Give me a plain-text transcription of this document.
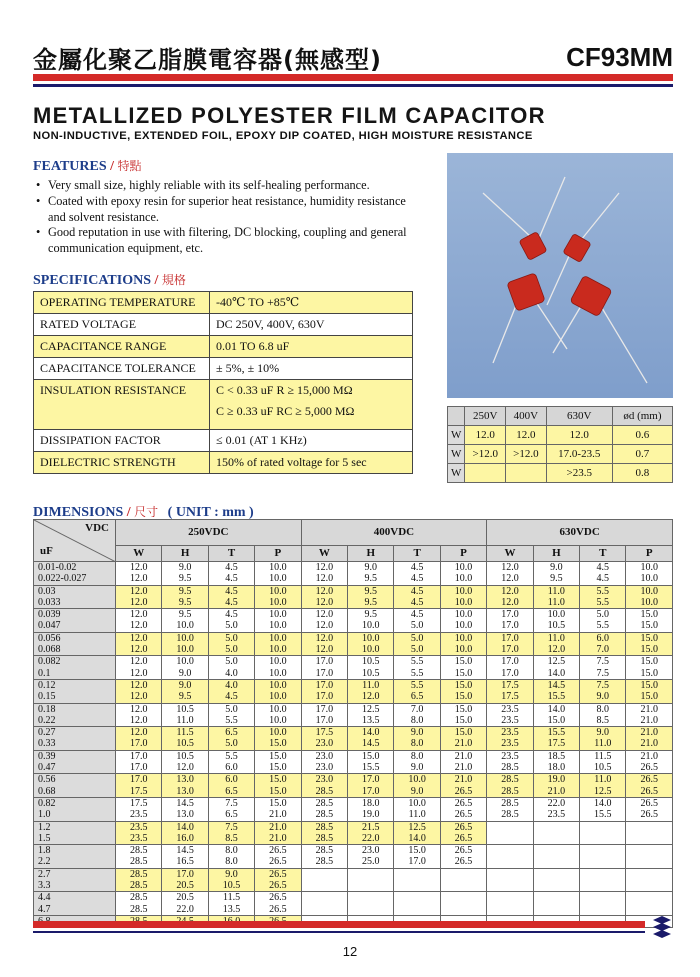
金屬化聚乙脂膜電容器(無感型)	CF93MM
METALLIZED POLYESTER FILM CAPACITOR
NON-INDUCTIVE, EXTENDED FOIL, EPOXY DIP COATED, HIGH MOISTURE RESISTANCE
FEATURES / 特點
• Very small size, highly reliable with its self-healing performance.
• Coated with epoxy resin for superior heat resistance, humidity resistance and solvent resistance.
• Good reputation in use with filtering, DC blocking, coupling and general communication equipment, etc.
SPECIFICATIONS / 規格
OPERATING TEMPERATURE	-40℃ TO +85℃

RATED VOLTAGE	DC 250V, 400V, 630V

CAPACITANCE RANGE	0.01 TO 6.8 uF

CAPACITANCE TOLERANCE	± 5%, ± 10%

INSULATION RESISTANCE	C < 0.33 uF R ≥ 15,000 MΩ
C ≥ 0.33 uF RC ≥ 5,000 MΩ

DISSIPATION FACTOR	≤ 0.01 (AT 1 KHz)

DIELECTRIC STRENGTH	150% of rated voltage for 5 sec
	250V	400V	630V	ød (mm)
W	12.0	12.0	12.0	0.6
W	>12.0	>12.0	17.0-23.5	0.7
W			>23.5	0.8
DIMENSIONS / 尺寸 ( UNIT : mm )
VDC
uF	250VDC				400VDC				630VDC			
	W	H	T	P	W	H	T	P	W	H	T	P
0.01-0.02	12.0	9.0	4.5	10.0	12.0	9.0	4.5	10.0	12.0	9.0	4.5	10.0
0.022-0.027	12.0	9.5	4.5	10.0	12.0	9.5	4.5	10.0	12.0	9.5	4.5	10.0
0.03	12.0	9.5	4.5	10.0	12.0	9.5	4.5	10.0	12.0	11.0	5.5	10.0
0.033	12.0	9.5	4.5	10.0	12.0	9.5	4.5	10.0	12.0	11.0	5.5	10.0
0.039	12.0	9.5	4.5	10.0	12.0	9.5	4.5	10.0	17.0	10.0	5.0	15.0
0.047	12.0	10.0	5.0	10.0	12.0	10.0	5.0	10.0	17.0	10.5	5.5	15.0
0.056	12.0	10.0	5.0	10.0	12.0	10.0	5.0	10.0	17.0	11.0	6.0	15.0
0.068	12.0	10.0	5.0	10.0	12.0	10.0	5.0	10.0	17.0	12.0	7.0	15.0
0.082	12.0	10.0	5.0	10.0	17.0	10.5	5.5	15.0	17.0	12.5	7.5	15.0
0.1	12.0	9.0	4.0	10.0	17.0	10.5	5.5	15.0	17.0	14.0	7.5	15.0
0.12	12.0	9.0	4.0	10.0	17.0	11.0	5.5	15.0	17.5	14.5	7.5	15.0
0.15	12.0	9.5	4.5	10.0	17.0	12.0	6.5	15.0	17.5	15.5	9.0	15.0
0.18	12.0	10.5	5.0	10.0	17.0	12.5	7.0	15.0	23.5	14.0	8.0	21.0
0.22	12.0	11.0	5.5	10.0	17.0	13.5	8.0	15.0	23.5	15.0	8.5	21.0
0.27	12.0	11.5	6.5	10.0	17.5	14.0	9.0	15.0	23.5	15.5	9.0	21.0
0.33	17.0	10.5	5.0	15.0	23.0	14.5	8.0	21.0	23.5	17.5	11.0	21.0
0.39	17.0	10.5	5.5	15.0	23.0	15.0	8.0	21.0	23.5	18.5	11.5	21.0
0.47	17.0	12.0	6.0	15.0	23.0	15.5	9.0	21.0	28.5	18.0	10.5	26.5
0.56	17.0	13.0	6.0	15.0	23.0	17.0	10.0	21.0	28.5	19.0	11.0	26.5
0.68	17.5	13.0	6.5	15.0	28.5	17.0	9.0	26.5	28.5	21.0	12.5	26.5
0.82	17.5	14.5	7.5	15.0	28.5	18.0	10.0	26.5	28.5	22.0	14.0	26.5
1.0	23.5	13.0	6.5	21.0	28.5	19.0	11.0	26.5	28.5	23.5	15.5	26.5
1.2	23.5	14.0	7.5	21.0	28.5	21.5	12.5	26.5				
1.5	23.5	16.0	8.5	21.0	28.5	22.0	14.0	26.5				
1.8	28.5	14.5	8.0	26.5	28.5	23.0	15.0	26.5				
2.2	28.5	16.5	8.0	26.5	28.5	25.0	17.0	26.5				
2.7	28.5	17.0	9.0	26.5								
3.3	28.5	20.5	10.5	26.5								
4.4	28.5	20.5	11.5	26.5								
4.7	28.5	22.0	13.5	26.5								

12
